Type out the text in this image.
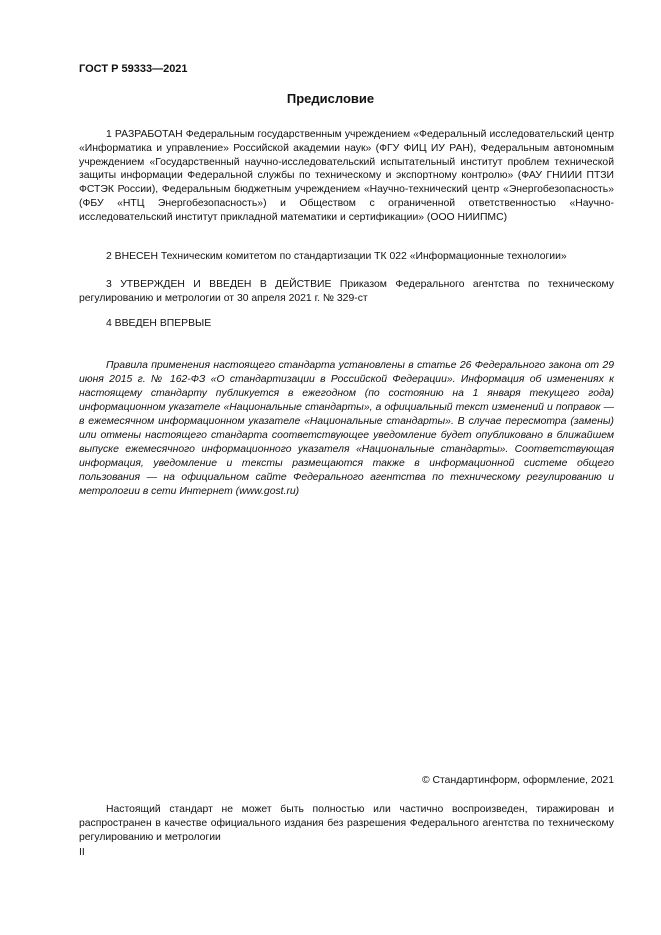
ГОСТ Р 59333—2021
Предисловие

1 РАЗРАБОТАН Федеральным государственным учреждением «Федеральный исследовательский центр «Информатика и управление» Российской академии наук» (ФГУ ФИЦ ИУ РАН), Федеральным автономным учреждением «Государственный научно-исследовательский испытательный институт проблем технической защиты информации Федеральной службы по техническому и экспортному контролю» (ФАУ ГНИИИ ПТЗИ ФСТЭК России), Федеральным бюджетным учреждением «Научно-технический центр «Энергобезопасность» (ФБУ «НТЦ Энергобезопасность») и Обществом с ограниченной ответственностью «Научно-исследовательский институт прикладной математики и сертификации» (ООО НИИПМС)

2 ВНЕСЕН Техническим комитетом по стандартизации ТК 022 «Информационные технологии»

3 УТВЕРЖДЕН И ВВЕДЕН В ДЕЙСТВИЕ Приказом Федерального агентства по техническому регулированию и метрологии от 30 апреля 2021 г. № 329-ст

4 ВВЕДЕН ВПЕРВЫЕ

Правила применения настоящего стандарта установлены в статье 26 Федерального закона от 29 июня 2015 г. № 162-ФЗ «О стандартизации в Российской Федерации». Информация об изменениях к настоящему стандарту публикуется в ежегодном (по состоянию на 1 января текущего года) информационном указателе «Национальные стандарты», а официальный текст изменений и поправок — в ежемесячном информационном указателе «Национальные стандарты». В случае пересмотра (замены) или отмены настоящего стандарта соответствующее уведомление будет опубликовано в ближайшем выпуске ежемесячного информационного указателя «Национальные стандарты». Соответствующая информация, уведомление и тексты размещаются также в информационной системе общего пользования — на официальном сайте Федерального агентства по техническому регулированию и метрологии в сети Интернет (www.gost.ru)

© Стандартинформ, оформление, 2021

Настоящий стандарт не может быть полностью или частично воспроизведен, тиражирован и распространен в качестве официального издания без разрешения Федерального агентства по техническому регулированию и метрологии

II
